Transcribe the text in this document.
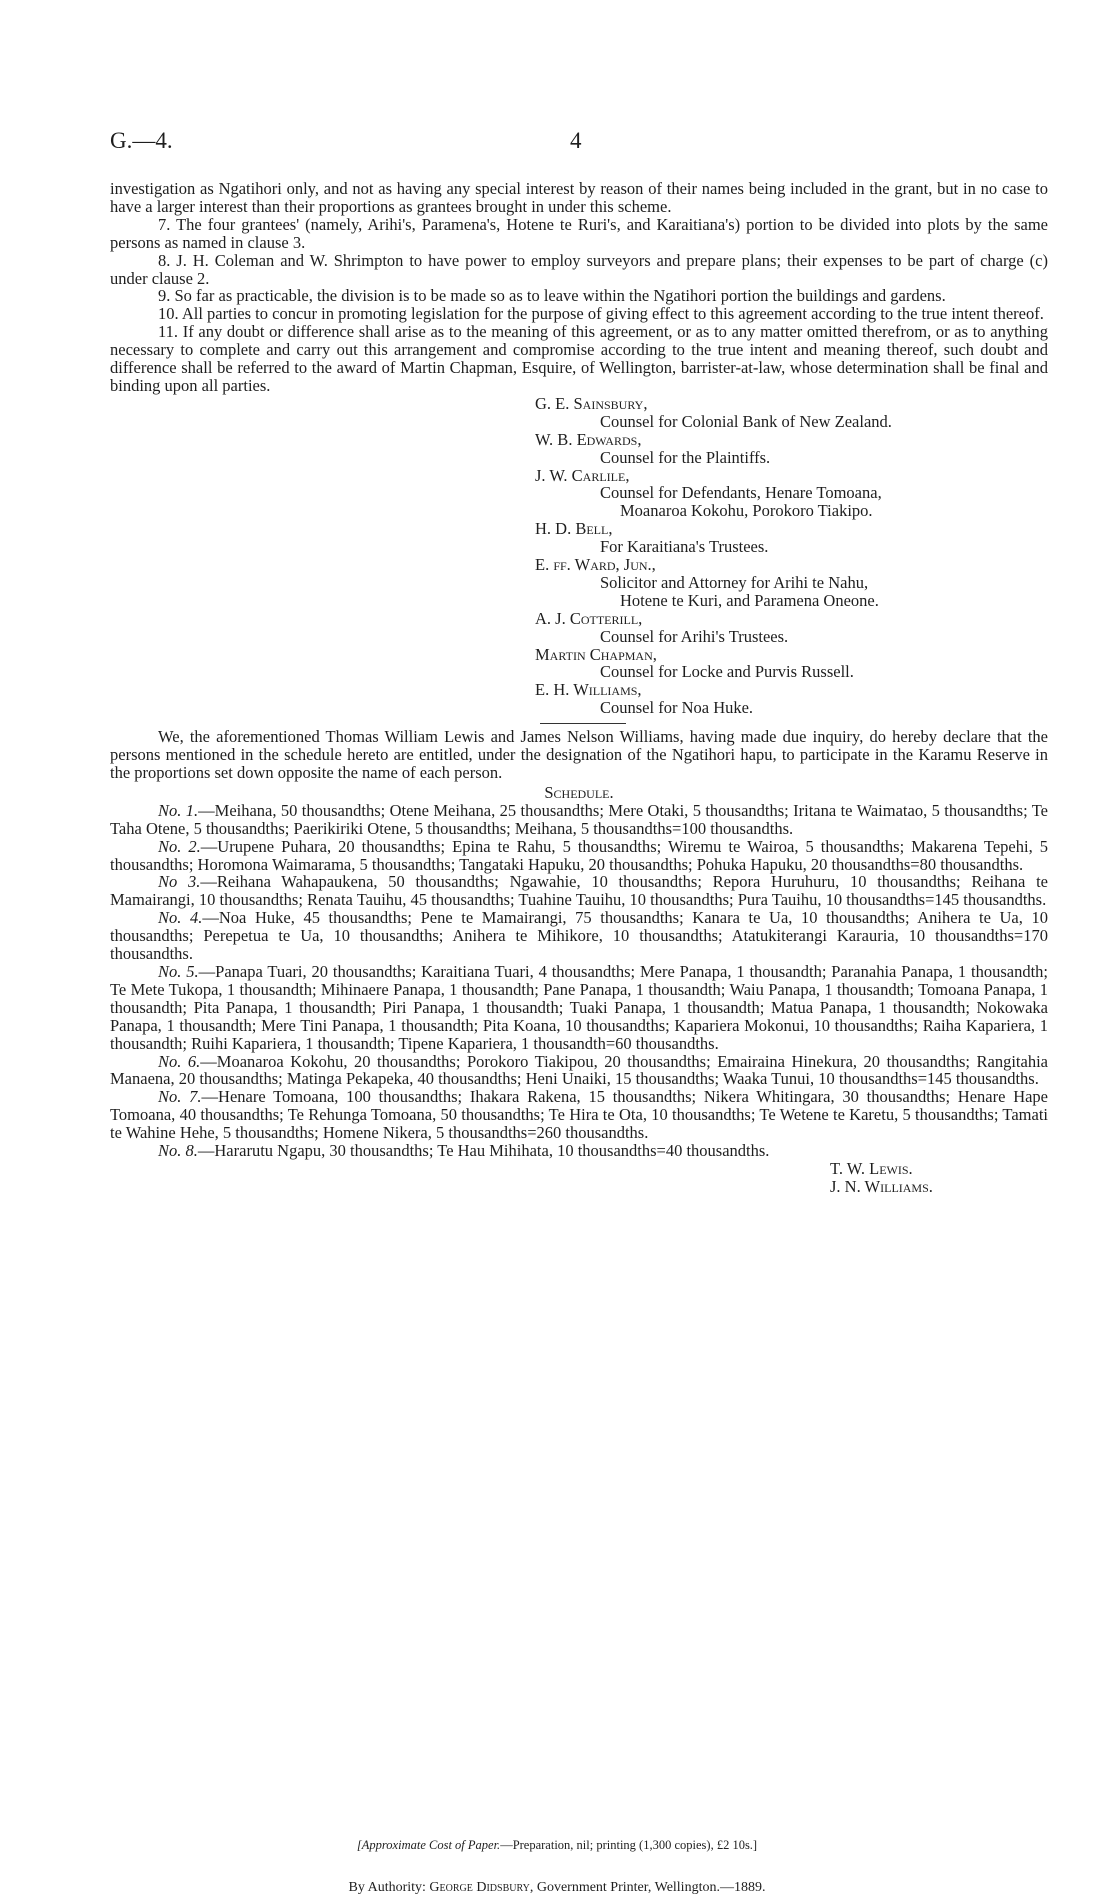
G.—4.	4

investigation as Ngatihori only, and not as having any special interest by reason of their names being included in the grant, but in no case to have a larger interest than their proportions as grantees brought in under this scheme.

7. The four grantees' (namely, Arihi's, Paramena's, Hotene te Ruri's, and Karaitiana's) portion to be divided into plots by the same persons as named in clause 3.

8. J. H. Coleman and W. Shrimpton to have power to employ surveyors and prepare plans; their expenses to be part of charge (c) under clause 2.

9. So far as practicable, the division is to be made so as to leave within the Ngatihori portion the buildings and gardens.

10. All parties to concur in promoting legislation for the purpose of giving effect to this agreement according to the true intent thereof.

11. If any doubt or difference shall arise as to the meaning of this agreement, or as to any matter omitted therefrom, or as to anything necessary to complete and carry out this arrangement and compromise according to the true intent and meaning thereof, such doubt and difference shall be referred to the award of Martin Chapman, Esquire, of Wellington, barrister-at-law, whose determination shall be final and binding upon all parties.

G. E. Sainsbury,
Counsel for Colonial Bank of New Zealand.
W. B. Edwards,
Counsel for the Plaintiffs.
J. W. Carlile,
Counsel for Defendants, Henare Tomoana,
Moanaroa Kokohu, Porokoro Tiakipo.
H. D. Bell,
For Karaitiana's Trustees.
E. ff. Ward, Jun.,
Solicitor and Attorney for Arihi te Nahu,
Hotene te Kuri, and Paramena Oneone.
A. J. Cotterill,
Counsel for Arihi's Trustees.
Martin Chapman,
Counsel for Locke and Purvis Russell.
E. H. Williams,
Counsel for Noa Huke.

We, the aforementioned Thomas William Lewis and James Nelson Williams, having made due inquiry, do hereby declare that the persons mentioned in the schedule hereto are entitled, under the designation of the Ngatihori hapu, to participate in the Karamu Reserve in the proportions set down opposite the name of each person.

Schedule.

No. 1.—Meihana, 50 thousandths; Otene Meihana, 25 thousandths; Mere Otaki, 5 thousandths; Iritana te Waimatao, 5 thousandths; Te Taha Otene, 5 thousandths; Paerikiriki Otene, 5 thousandths; Meihana, 5 thousandths=100 thousandths.

No. 2.—Urupene Puhara, 20 thousandths; Epina te Rahu, 5 thousandths; Wiremu te Wairoa, 5 thousandths; Makarena Tepehi, 5 thousandths; Horomona Waimarama, 5 thousandths; Tangataki Hapuku, 20 thousandths; Pohuka Hapuku, 20 thousandths=80 thousandths.

No 3.—Reihana Wahapaukena, 50 thousandths; Ngawahie, 10 thousandths; Repora Huruhuru, 10 thousandths; Reihana te Mamairangi, 10 thousandths; Renata Tauihu, 45 thousandths; Tuahine Tauihu, 10 thousandths; Pura Tauihu, 10 thousandths=145 thousandths.

No. 4.—Noa Huke, 45 thousandths; Pene te Mamairangi, 75 thousandths; Kanara te Ua, 10 thousandths; Anihera te Ua, 10 thousandths; Perepetua te Ua, 10 thousandths; Anihera te Mihikore, 10 thousandths; Atatukiterangi Karauria, 10 thousandths=170 thousandths.

No. 5.—Panapa Tuari, 20 thousandths; Karaitiana Tuari, 4 thousandths; Mere Panapa, 1 thousandth; Paranahia Panapa, 1 thousandth; Te Mete Tukopa, 1 thousandth; Mihinaere Panapa, 1 thousandth; Pane Panapa, 1 thousandth; Waiu Panapa, 1 thousandth; Tomoana Panapa, 1 thousandth; Pita Panapa, 1 thousandth; Piri Panapa, 1 thousandth; Tuaki Panapa, 1 thousandth; Matua Panapa, 1 thousandth; Nokowaka Panapa, 1 thousandth; Mere Tini Panapa, 1 thousandth; Pita Koana, 10 thousandths; Kapariera Mokonui, 10 thousandths; Raiha Kapariera, 1 thousandth; Ruihi Kapariera, 1 thousandth; Tipene Kapariera, 1 thousandth=60 thousandths.

No. 6.—Moanaroa Kokohu, 20 thousandths; Porokoro Tiakipou, 20 thousandths; Emairaina Hinekura, 20 thousandths; Rangitahia Manaena, 20 thousandths; Matinga Pekapeka, 40 thousandths; Heni Unaiki, 15 thousandths; Waaka Tunui, 10 thousandths=145 thousandths.

No. 7.—Henare Tomoana, 100 thousandths; Ihakara Rakena, 15 thousandths; Nikera Whitingara, 30 thousandths; Henare Hape Tomoana, 40 thousandths; Te Rehunga Tomoana, 50 thousandths; Te Hira te Ota, 10 thousandths; Te Wetene te Karetu, 5 thousandths; Tamati te Wahine Hehe, 5 thousandths; Homene Nikera, 5 thousandths=260 thousandths.

No. 8.—Hararutu Ngapu, 30 thousandths; Te Hau Mihihata, 10 thousandths=40 thousandths.

T. W. Lewis.
J. N. Williams.
[Approximate Cost of Paper.—Preparation, nil; printing (1,300 copies), £2 10s.]
By Authority: George Didsbury, Government Printer, Wellington.—1889.
